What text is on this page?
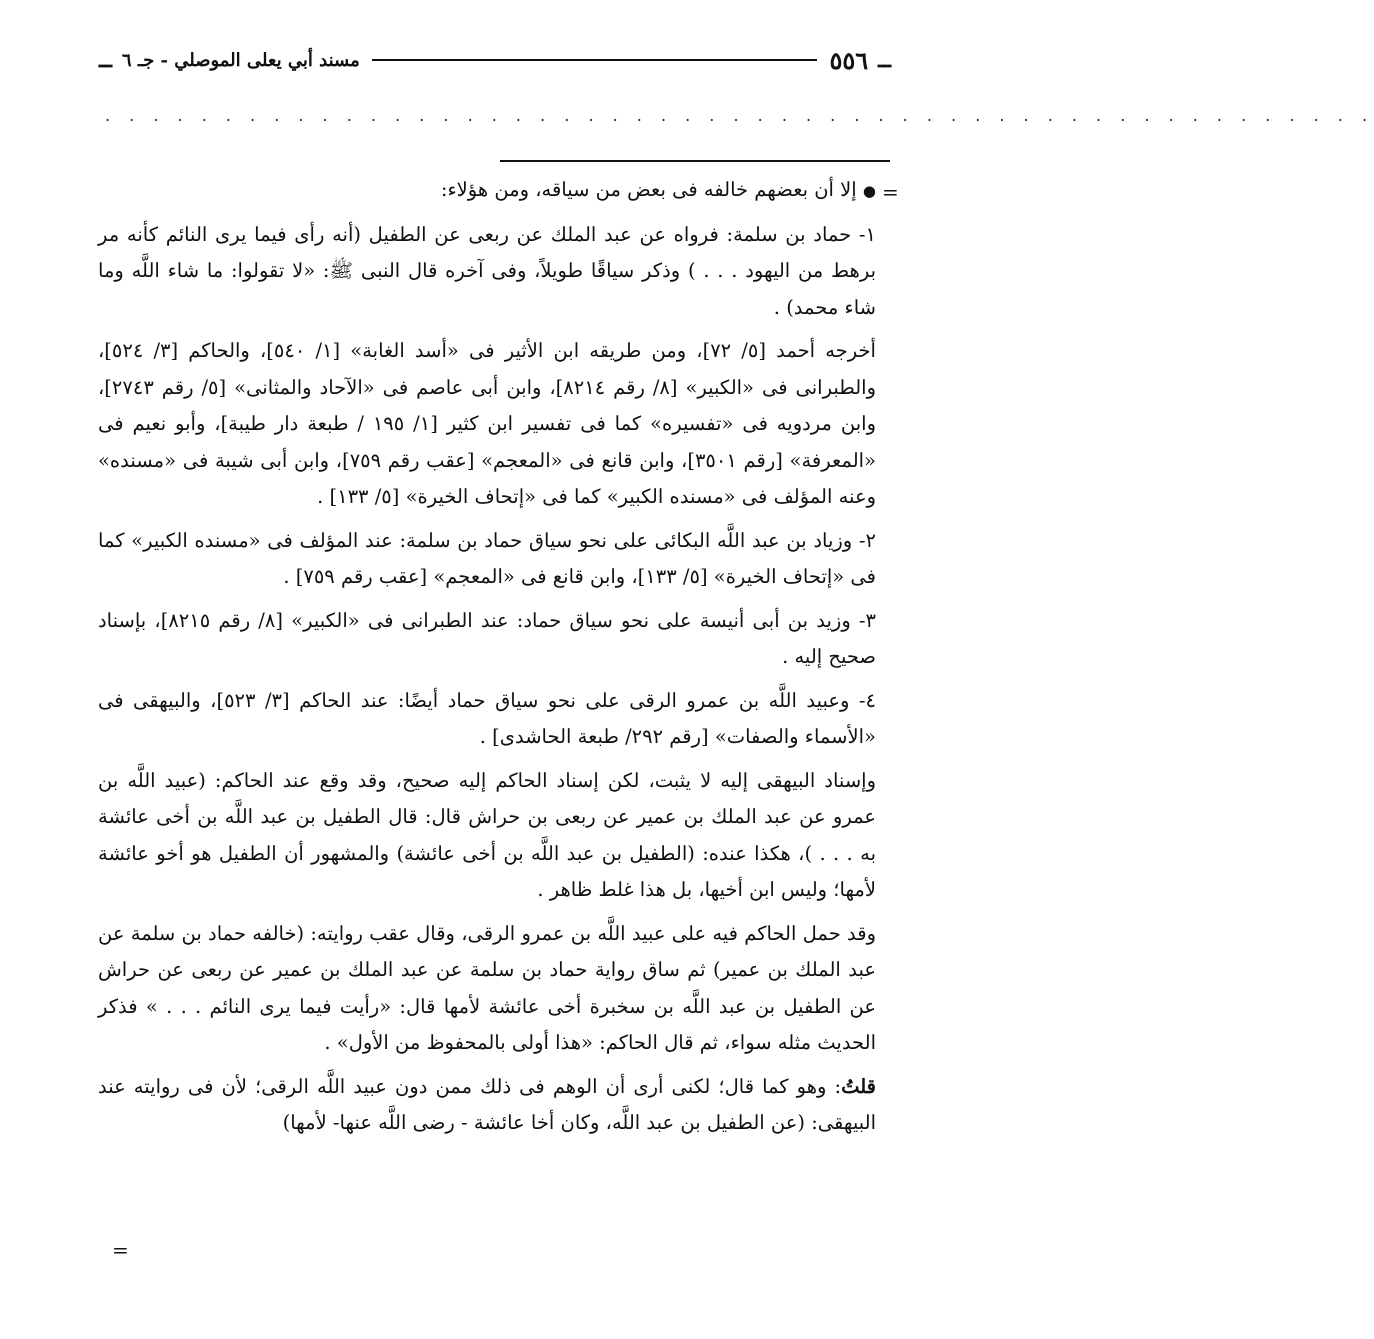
ــ
٥٥٦
مسند أبي يعلى الموصلي - جـ ٦
ــ
. . . . . . . . . . . . . . . . . . . . . . . . . . . . . . . . . . . . . . . . . . . . . . . . . . . . .
=

● إلا أن بعضهم خالفه فى بعض من سياقه، ومن هؤلاء:

١- حماد بن سلمة: فرواه عن عبد الملك عن ربعى عن الطفيل (أنه رأى فيما يرى النائم كأنه مر برهط من اليهود . . . ) وذكر سياقًا طويلاً، وفى آخره قال النبى ﷺ: «لا تقولوا: ما شاء اللَّه وما شاء محمد) .

أخرجه أحمد [٥/ ٧٢]، ومن طريقه ابن الأثير فى «أسد الغابة» [١/ ٥٤٠]، والحاكم [٣/ ٥٢٤]، والطبرانى فى «الكبير» [٨/ رقم ٨٢١٤]، وابن أبى عاصم فى «الآحاد والمثانى» [٥/ رقم ٢٧٤٣]، وابن مردويه فى «تفسيره» كما فى تفسير ابن كثير [١/ ١٩٥ / طبعة دار طيبة]، وأبو نعيم فى «المعرفة» [رقم ٣٥٠١]، وابن قانع فى «المعجم» [عقب رقم ٧٥٩]، وابن أبى شيبة فى «مسنده» وعنه المؤلف فى «مسنده الكبير» كما فى «إتحاف الخيرة» [٥/ ١٣٣] .

٢- وزياد بن عبد اللَّه البكائى على نحو سياق حماد بن سلمة: عند المؤلف فى «مسنده الكبير» كما فى «إتحاف الخيرة» [٥/ ١٣٣]، وابن قانع فى «المعجم» [عقب رقم ٧٥٩] .

٣- وزيد بن أبى أنيسة على نحو سياق حماد: عند الطبرانى فى «الكبير» [٨/ رقم ٨٢١٥]، بإسناد صحيح إليه .

٤- وعبيد اللَّه بن عمرو الرقى على نحو سياق حماد أيضًا: عند الحاكم [٣/ ٥٢٣]، والبيهقى فى «الأسماء والصفات» [رقم ٢٩٢/ طبعة الحاشدى] .

وإسناد البيهقى إليه لا يثبت، لكن إسناد الحاكم إليه صحيح، وقد وقع عند الحاكم: (عبيد اللَّه بن عمرو عن عبد الملك بن عمير عن ربعى بن حراش قال: قال الطفيل بن عبد اللَّه بن أخى عائشة به . . . )، هكذا عنده: (الطفيل بن عبد اللَّه بن أخى عائشة) والمشهور أن الطفيل هو أخو عائشة لأمها؛ وليس ابن أخيها، بل هذا غلط ظاهر .

وقد حمل الحاكم فيه على عبيد اللَّه بن عمرو الرقى، وقال عقب روايته: (خالفه حماد بن سلمة عن عبد الملك بن عمير) ثم ساق رواية حماد بن سلمة عن عبد الملك بن عمير عن ربعى عن حراش عن الطفيل بن عبد اللَّه بن سخبرة أخى عائشة لأمها قال: «رأيت فيما يرى النائم . . . » فذكر الحديث مثله سواء، ثم قال الحاكم: «هذا أولى بالمحفوظ من الأول» .

قلتُ: وهو كما قال؛ لكنى أرى أن الوهم فى ذلك ممن دون عبيد اللَّه الرقى؛ لأن فى روايته عند البيهقى: (عن الطفيل بن عبد اللَّه، وكان أخا عائشة - رضى اللَّه عنها- لأمها)

=
